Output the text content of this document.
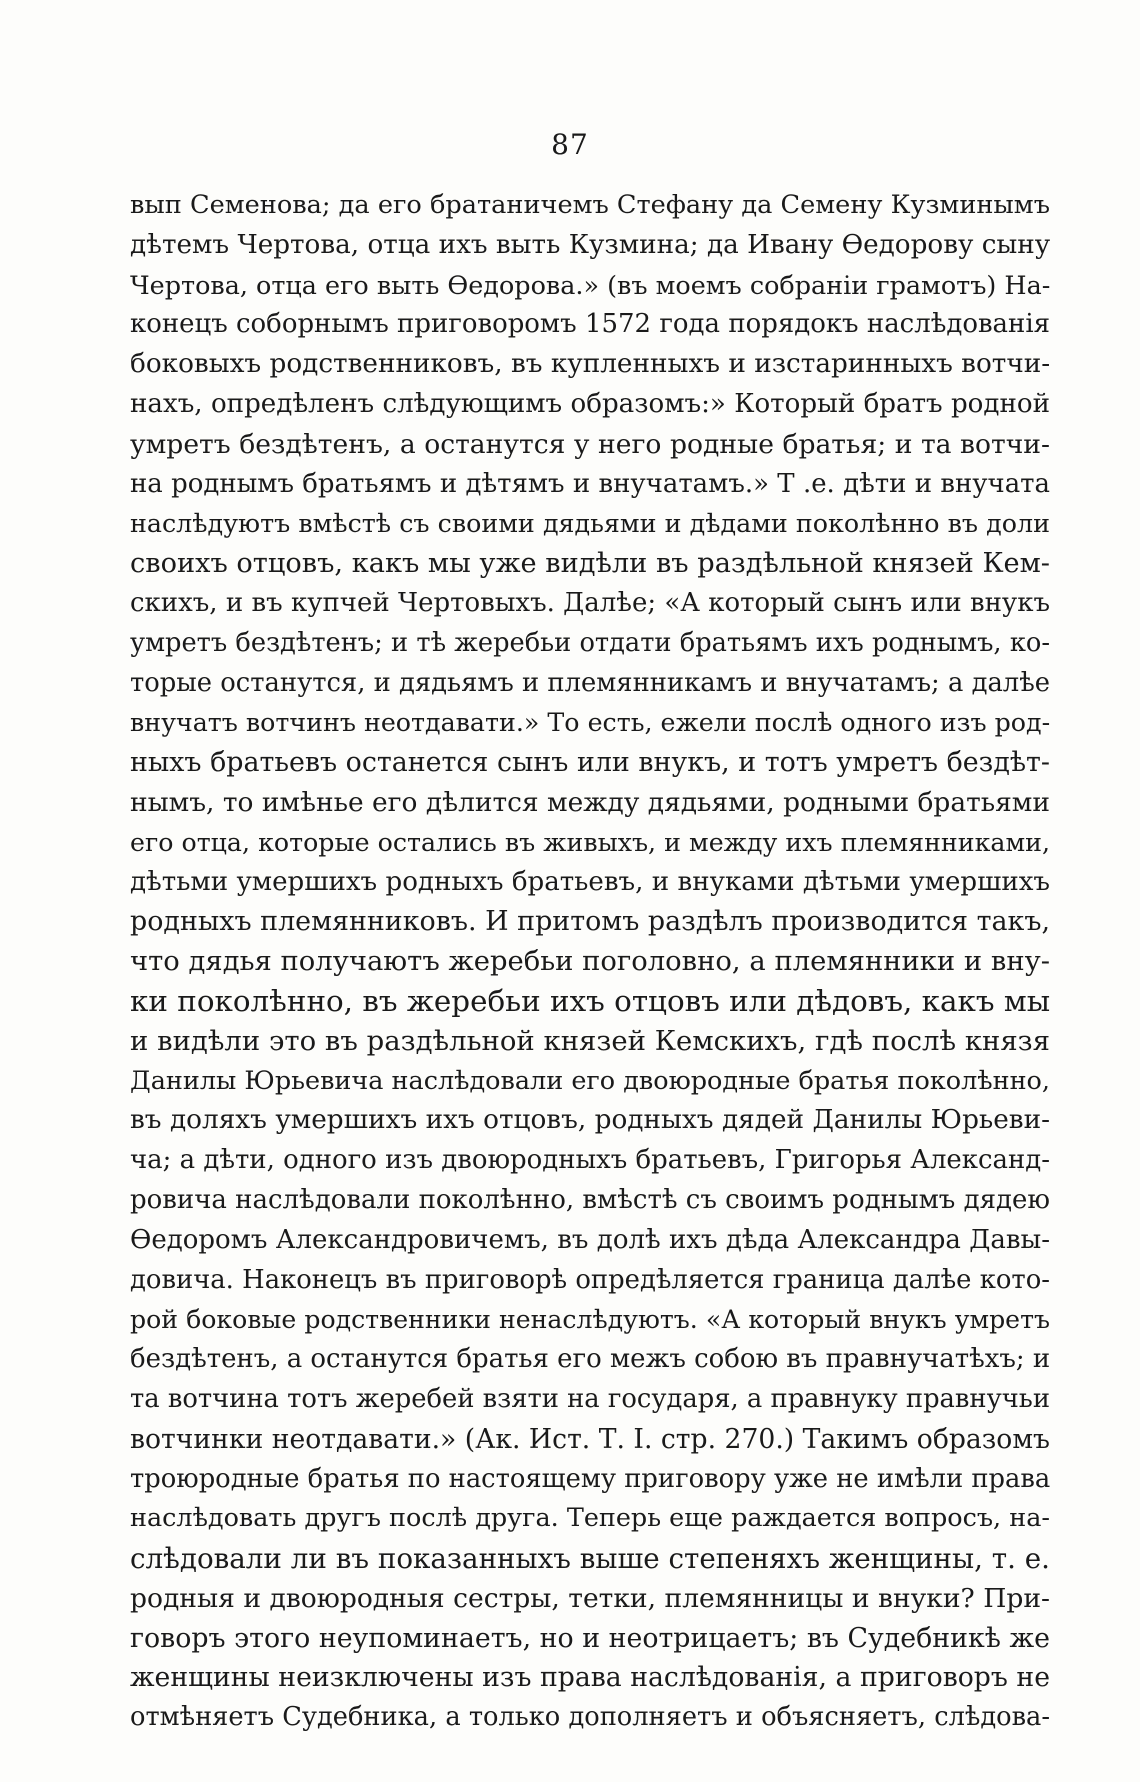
87
вып Семенова; да его братаничемъ Стефану да Семену Кузминымъ
дѣтемъ Чертова, отца ихъ выть Кузмина; да Ивану Ѳедорову сыну
Чертова, отца его выть Ѳедорова.» (въ моемъ собраніи грамотъ) На-
конецъ соборнымъ приговоромъ 1572 года порядокъ наслѣдованія
боковыхъ родственниковъ, въ купленныхъ и изстаринныхъ вотчи-
нахъ, опредѣленъ слѣдующимъ образомъ:» Который братъ родной
умретъ бездѣтенъ, а останутся у него родные братья; и та вотчи-
на роднымъ братьямъ и дѣтямъ и внучатамъ.» Т .е. дѣти и внучата
наслѣдуютъ вмѣстѣ съ своими дядьями и дѣдами поколѣнно въ доли
своихъ отцовъ, какъ мы уже видѣли въ раздѣльной князей Кем-
скихъ, и въ купчей Чертовыхъ. Далѣе; «А который сынъ или внукъ
умретъ бездѣтенъ; и тѣ жеребьи отдати братьямъ ихъ роднымъ, ко-
торые останутся, и дядьямъ и племянникамъ и внучатамъ; а далѣе
внучатъ вотчинъ неотдавати.» То есть, ежели послѣ одного изъ род-
ныхъ братьевъ останется сынъ или внукъ, и тотъ умретъ бездѣт-
нымъ, то имѣнье его дѣлится между дядьями, родными братьями
его отца, которые остались въ живыхъ, и между ихъ племянниками,
дѣтьми умершихъ родныхъ братьевъ, и внуками дѣтьми умершихъ
родныхъ племянниковъ. И притомъ раздѣлъ производится такъ,
что дядья получаютъ жеребьи поголовно, а племянники и вну-
ки поколѣнно, въ жеребьи ихъ отцовъ или дѣдовъ, какъ мы
и видѣли это въ раздѣльной князей Кемскихъ, гдѣ послѣ князя
Данилы Юрьевича наслѣдовали его двоюродные братья поколѣнно,
въ доляхъ умершихъ ихъ отцовъ, родныхъ дядей Данилы Юрьеви-
ча; а дѣти, одного изъ двоюродныхъ братьевъ, Григорья Александ-
ровича наслѣдовали поколѣнно, вмѣстѣ съ своимъ роднымъ дядею
Ѳедоромъ Александровичемъ, въ долѣ ихъ дѣда Александра Давы-
довича. Наконецъ въ приговорѣ опредѣляется граница далѣе кото-
рой боковые родственники ненаслѣдуютъ. «А который внукъ умретъ
бездѣтенъ, а останутся братья его межъ собою въ правнучатѣхъ; и
та вотчина тотъ жеребей взяти на государя, а правнуку правнучьи
вотчинки неотдавати.» (Ак. Ист. Т. I. стр. 270.) Такимъ образомъ
троюродные братья по настоящему приговору уже не имѣли права
наслѣдовать другъ послѣ друга. Теперь еще раждается вопросъ, на-
слѣдовали ли въ показанныхъ выше степеняхъ женщины, т. е.
родныя и двоюродныя сестры, тетки, племянницы и внуки? При-
говоръ этого неупоминаетъ, но и неотрицаетъ; въ Судебникѣ же
женщины неизключены изъ права наслѣдованія, а приговоръ не
отмѣняетъ Судебника, а только дополняетъ и объясняетъ, слѣдова-
